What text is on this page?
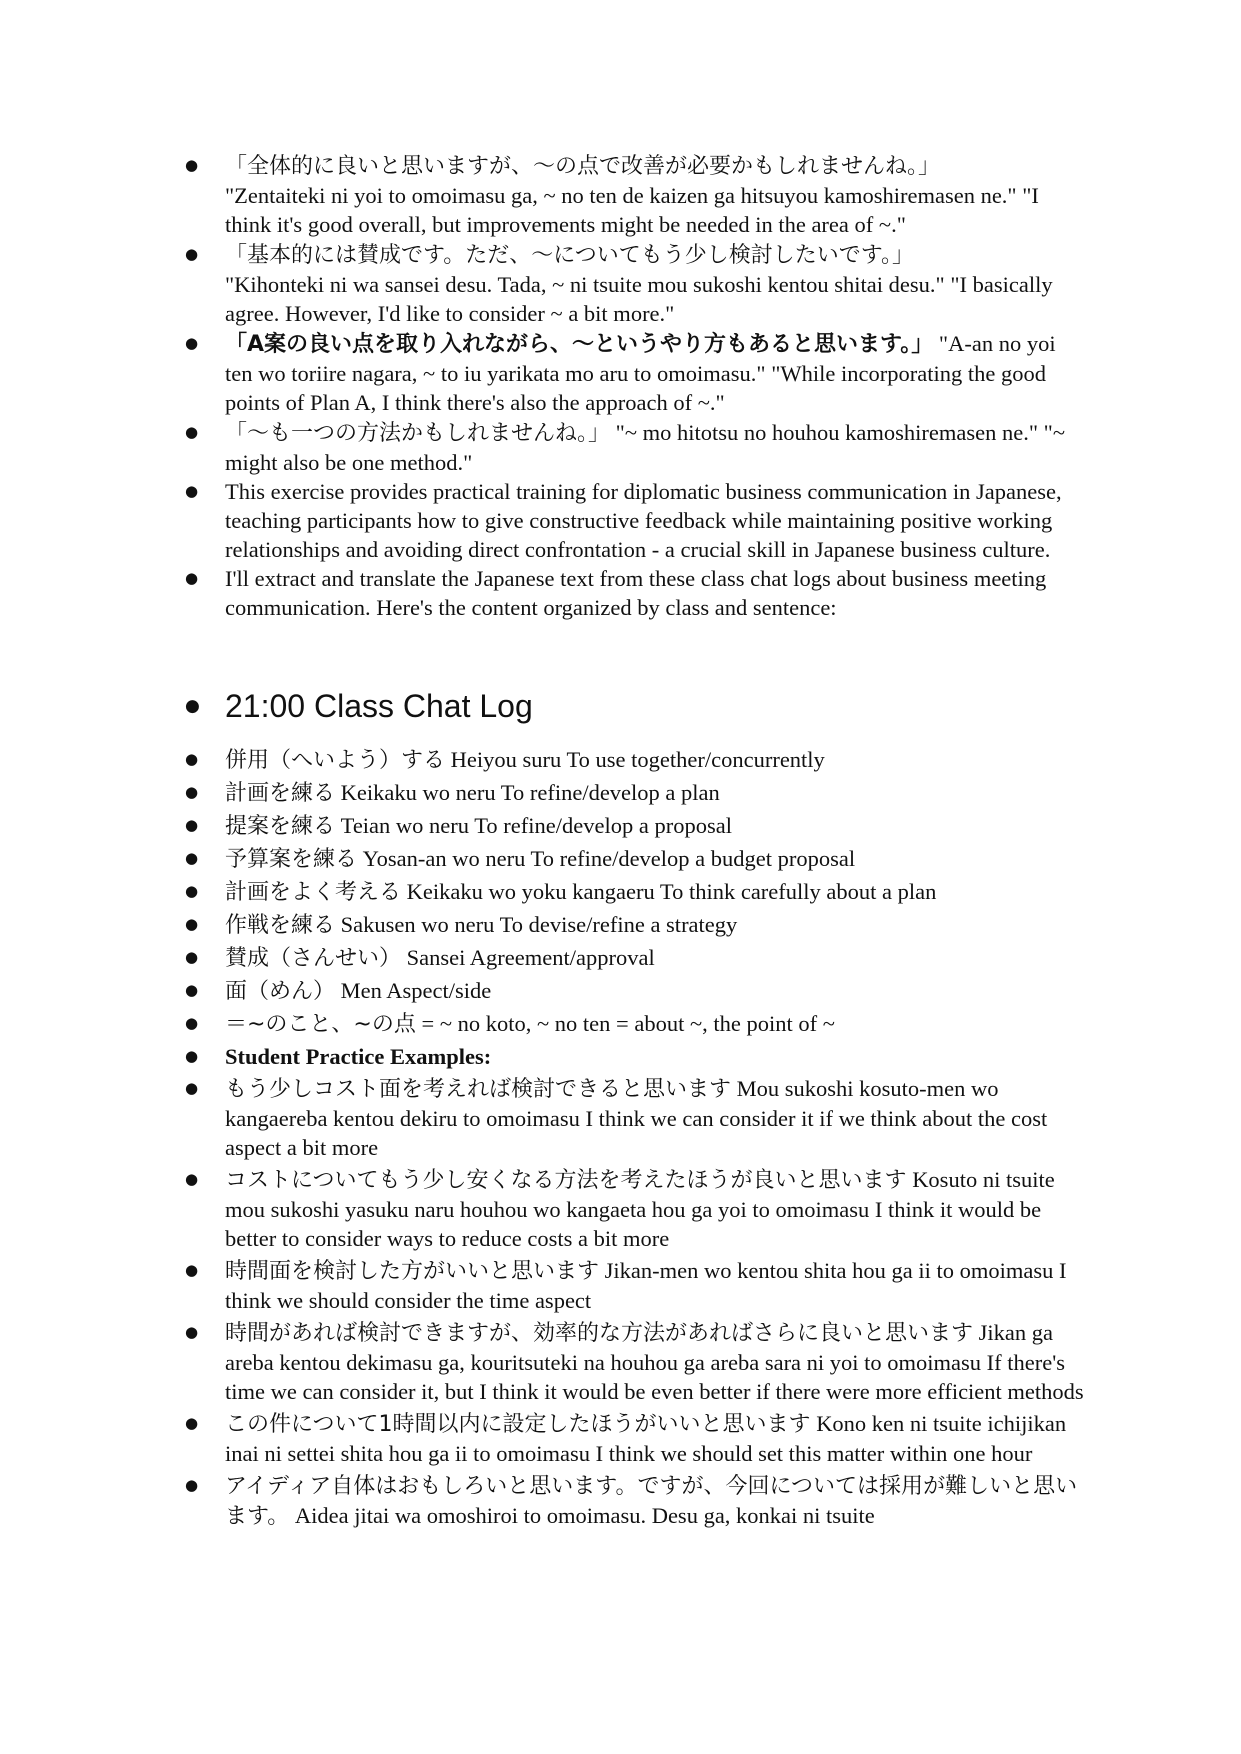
● 「全体的に良いと思いますが、〜の点で改善が必要かもしれませんね。」
"Zentaiteki ni yoi to omoimasu ga, ~ no ten de kaizen ga hitsuyou kamoshiremasen ne." "I think it's good overall, but improvements might be needed in the area of ~."
● 「基本的には賛成です。ただ、〜についてもう少し検討したいです。」
"Kihonteki ni wa sansei desu. Tada, ~ ni tsuite mou sukoshi kentou shitai desu." "I basically agree. However, I'd like to consider ~ a bit more."
● 「A案の良い点を取り入れながら、〜というやり方もあると思います。」 "A-an no yoi ten wo toriire nagara, ~ to iu yarikata mo aru to omoimasu." "While incorporating the good points of Plan A, I think there's also the approach of ~."
● 「〜も一つの方法かもしれませんね。」 "~ mo hitotsu no houhou kamoshiremasen ne." "~ might also be one method."
● This exercise provides practical training for diplomatic business communication in Japanese, teaching participants how to give constructive feedback while maintaining positive working relationships and avoiding direct confrontation - a crucial skill in Japanese business culture.
● I'll extract and translate the Japanese text from these class chat logs about business meeting communication. Here's the content organized by class and sentence:
● 21:00 Class Chat Log
● 併用（へいよう）する Heiyou suru To use together/concurrently
● 計画を練る Keikaku wo neru To refine/develop a plan
● 提案を練る Teian wo neru To refine/develop a proposal
● 予算案を練る Yosan-an wo neru To refine/develop a budget proposal
● 計画をよく考える Keikaku wo yoku kangaeru To think carefully about a plan
● 作戦を練る Sakusen wo neru To devise/refine a strategy
● 賛成（さんせい） Sansei Agreement/approval
● 面（めん） Men Aspect/side
● ＝~のこと、~の点 = ~ no koto, ~ no ten = about ~, the point of ~
● Student Practice Examples:
● もう少しコスト面を考えれば検討できると思います Mou sukoshi kosuto-men wo kangaereba kentou dekiru to omoimasu I think we can consider it if we think about the cost aspect a bit more
● コストについてもう少し安くなる方法を考えたほうが良いと思います Kosuto ni tsuite mou sukoshi yasuku naru houhou wo kangaeta hou ga yoi to omoimasu I think it would be better to consider ways to reduce costs a bit more
● 時間面を検討した方がいいと思います Jikan-men wo kentou shita hou ga ii to omoimasu I think we should consider the time aspect
● 時間があれば検討できますが、効率的な方法があればさらに良いと思います Jikan ga areba kentou dekimasu ga, kouritsuteki na houhou ga areba sara ni yoi to omoimasu If there's time we can consider it, but I think it would be even better if there were more efficient methods
● この件について1時間以内に設定したほうがいいと思います Kono ken ni tsuite ichijikan inai ni settei shita hou ga ii to omoimasu I think we should set this matter within one hour
● アイディア自体はおもしろいと思います。ですが、今回については採用が難しいと思います。 Aidea jitai wa omoshiroi to omoimasu. Desu ga, konkai ni tsuite
